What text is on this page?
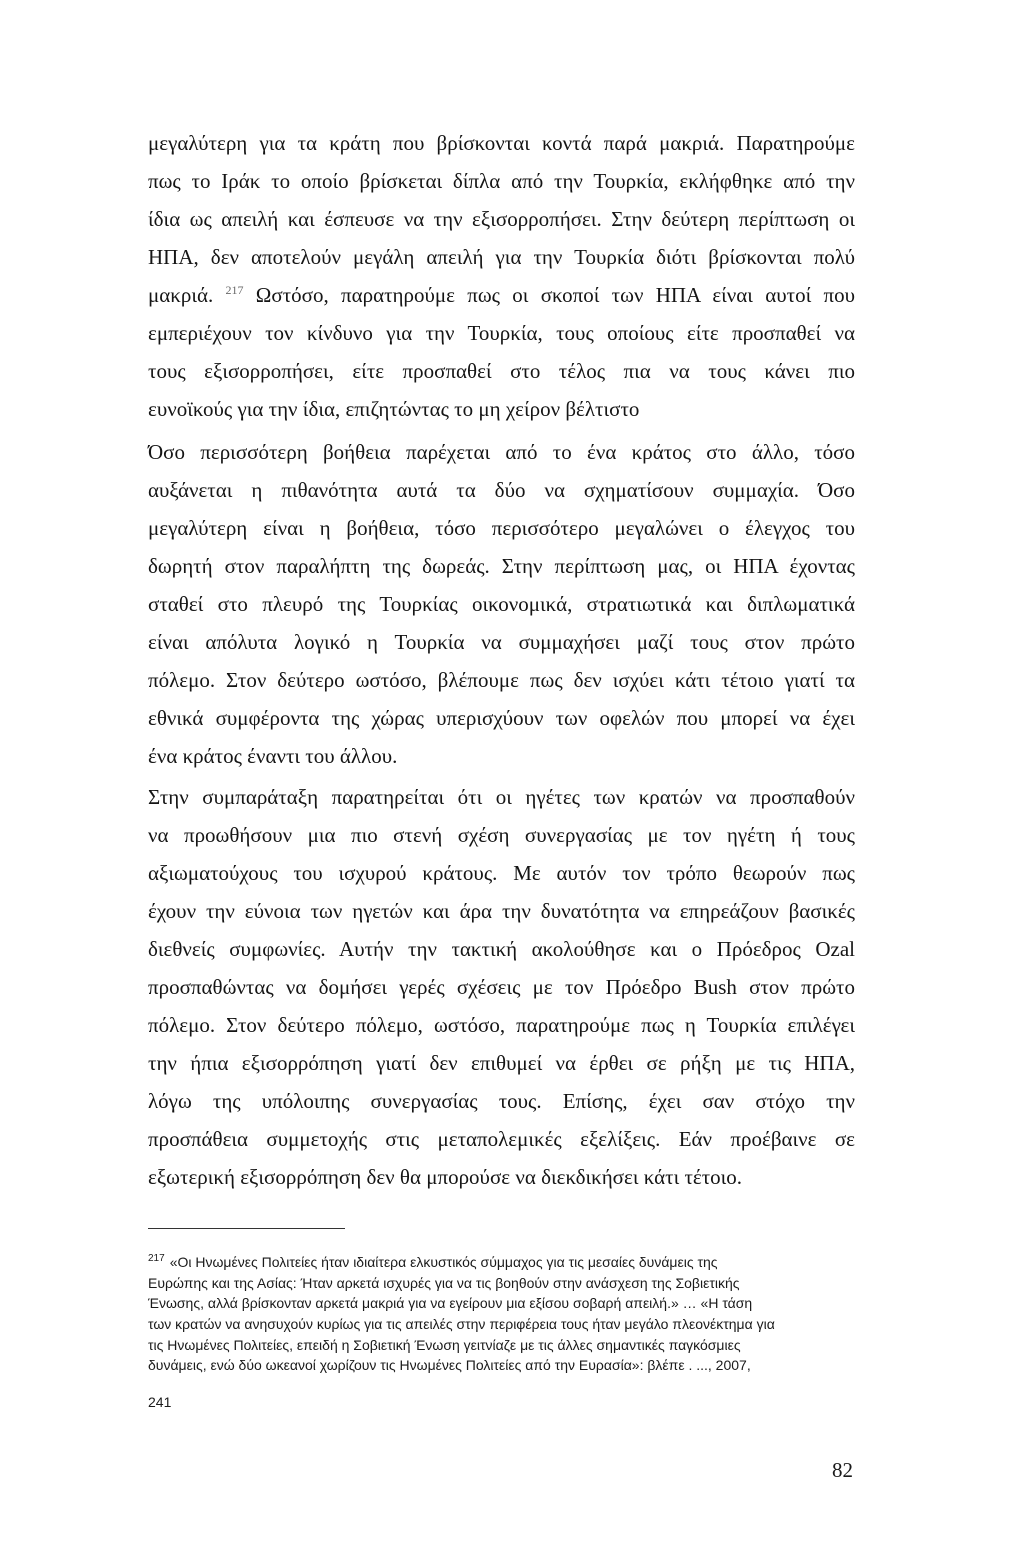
μεγαλύτερη για τα κράτη που βρίσκονται κοντά παρά μακριά. Παρατηρούμε
πως το Ιράκ το οποίο βρίσκεται δίπλα από την Τουρκία, εκλήφθηκε από την
ίδια ως απειλή και έσπευσε να την εξισορροπήσει. Στην δεύτερη περίπτωση οι
ΗΠΑ, δεν αποτελούν μεγάλη απειλή για την Τουρκία διότι βρίσκονται πολύ
μακριά. $^{217}$ Ωστόσο, παρατηρούμε πως οι σκοποί των ΗΠΑ είναι αυτοί που
εμπεριέχουν τον κίνδυνο για την Τουρκία, τους οποίους είτε προσπαθεί να
τους εξισορροπήσει, είτε προσπαθεί στο τέλος πια να τους κάνει πιο
ευνοϊκούς για την ίδια, επιζητώντας το μη χείρον βέλτιστο
Όσο περισσότερη βοήθεια παρέχεται από το ένα κράτος στο άλλο, τόσο
αυξάνεται η πιθανότητα αυτά τα δύο να σχηματίσουν συμμαχία. Όσο
μεγαλύτερη είναι η βοήθεια, τόσο περισσότερο μεγαλώνει ο έλεγχος του
δωρητή στον παραλήπτη της δωρεάς. Στην περίπτωση μας, οι ΗΠΑ έχοντας
σταθεί στο πλευρό της Τουρκίας οικονομικά, στρατιωτικά και διπλωματικά
είναι απόλυτα λογικό η Τουρκία να συμμαχήσει μαζί τους στον πρώτο
πόλεμο. Στον δεύτερο ωστόσο, βλέπουμε πως δεν ισχύει κάτι τέτοιο γιατί τα
εθνικά συμφέροντα της χώρας υπερισχύουν των οφελών που μπορεί να έχει
ένα κράτος έναντι του άλλου.
Στην συμπαράταξη παρατηρείται ότι οι ηγέτες των κρατών να προσπαθούν
να προωθήσουν μια πιο στενή σχέση συνεργασίας με τον ηγέτη ή τους
αξιωματούχους του ισχυρού κράτους. Με αυτόν τον τρόπο θεωρούν πως
έχουν την εύνοια των ηγετών και άρα την δυνατότητα να επηρεάζουν βασικές
διεθνείς συμφωνίες. Αυτήν την τακτική ακολούθησε και ο Πρόεδρος Ozal
προσπαθώντας να δομήσει γερές σχέσεις με τον Πρόεδρο Bush στον πρώτο
πόλεμο. Στον δεύτερο πόλεμο, ωστόσο, παρατηρούμε πως η Τουρκία επιλέγει
την ήπια εξισορρόπηση γιατί δεν επιθυμεί να έρθει σε ρήξη με τις ΗΠΑ,
λόγω της υπόλοιπης συνεργασίας τους. Επίσης, έχει σαν στόχο την
προσπάθεια συμμετοχής στις μεταπολεμικές εξελίξεις. Εάν προέβαινε σε
εξωτερική εξισορρόπηση δεν θα μπορούσε να διεκδικήσει κάτι τέτοιο.
$^{217}$ «Οι Ηνωμένες Πολιτείες ήταν ιδιαίτερα ελκυστικός σύμμαχος για τις μεσαίες δυνάμεις της
Ευρώπης και της Ασίας: Ήταν αρκετά ισχυρές για να τις βοηθούν στην ανάσχεση της Σοβιετικής
Ένωσης, αλλά βρίσκονταν αρκετά μακριά για να εγείρουν μια εξίσου σοβαρή απειλή.» … «Η τάση
των κρατών να ανησυχούν κυρίως για τις απειλές στην περιφέρεια τους ήταν μεγάλο πλεονέκτημα για
τις Ηνωμένες Πολιτείες, επειδή η Σοβιετική Ένωση γειτνίαζε με τις άλλες σημαντικές παγκόσμιες
δυνάμεις, ενώ δύο ωκεανοί χωρίζουν τις Ηνωμένες Πολιτείες από την Ευρασία»: βλέπε . ..., 2007,
241
82
